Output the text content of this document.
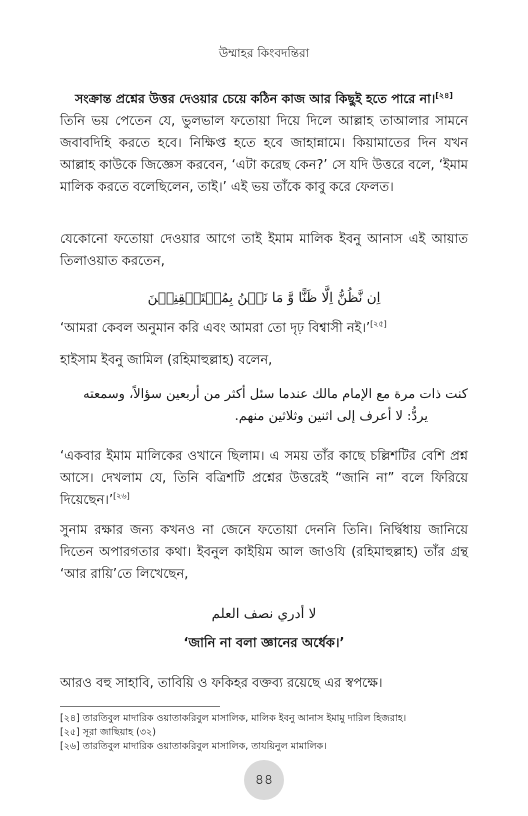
উম্মাহর কিংবদন্তিরা
সংক্রান্ত প্রশ্নের উত্তর দেওয়ার চেয়ে কঠিন কাজ আর কিছুই হতে পারে না।[২৪]

তিনি ভয় পেতেন যে, ভুলভাল ফতোয়া দিয়ে দিলে আল্লাহ তাআলার সামনে জবাবদিহি করতে হবে। নিক্ষিপ্ত হতে হবে জাহান্নামে। কিয়ামাতের দিন যখন আল্লাহ কাউকে জিজ্ঞেস করবেন, ‘এটা করেছ কেন?’ সে যদি উত্তরে বলে, ‘ইমাম মালিক করতে বলেছিলেন, তাই।’ এই ভয় তাঁকে কাবু করে ফেলত।

যেকোনো ফতোয়া দেওয়ার আগে তাই ইমাম মালিক ইবনু আনাস এই আয়াত তিলাওয়াত করতেন,

اِن نَّظُنُّ اِلَّا ظَنًّا وَّ مَا نَحۡنُ بِمُسۡتَیۡقِنِیۡنَ
‘আমরা কেবল অনুমান করি এবং আমরা তো দৃঢ় বিশ্বাসী নই।’[২৫]
হাইসাম ইবনু জামিল (রহিমাহুল্লাহ) বলেন,
كنت ذات مرة مع الإمام مالك عندما سئل أكثر من أربعين سؤالاً، وسمعته
يردُّ: لا أعرف إلى اثنين وثلاثين منهم.
‘একবার ইমাম মালিকের ওখানে ছিলাম। এ সময় তাঁর কাছে চল্লিশটির বেশি প্রশ্ন আসে। দেখলাম যে, তিনি বত্রিশটি প্রশ্নের উত্তরেই “জানি না” বলে ফিরিয়ে দিয়েছেন।’[২৬]

সুনাম রক্ষার জন্য কখনও না জেনে ফতোয়া দেননি তিনি। নির্দ্বিধায় জানিয়ে দিতেন অপারগতার কথা। ইবনুল কাইয়িম আল জাওযি (রহিমাহুল্লাহ) তাঁর গ্রন্থ ‘আর রায়ি’তে লিখেছেন,

لا أدري نصف العلم
‘জানি না বলা জ্ঞানের অর্ধেক।’
আরও বহু সাহাবি, তাবিয়ি ও ফকিহর বক্তব্য রয়েছে এর স্বপক্ষে।
[২৪] তারতিবুল মাদারিক ওয়াতাকরিবুল মাসালিক, মালিক ইবনু আনাস ইমামু দারিল হিজরাহ।
[২৫] সূরা জাছিয়াহ (৩২)
[২৬] তারতিবুল মাদারিক ওয়াতাকরিবুল মাসালিক, তাযয়িনুল মামালিক।
৪৪
